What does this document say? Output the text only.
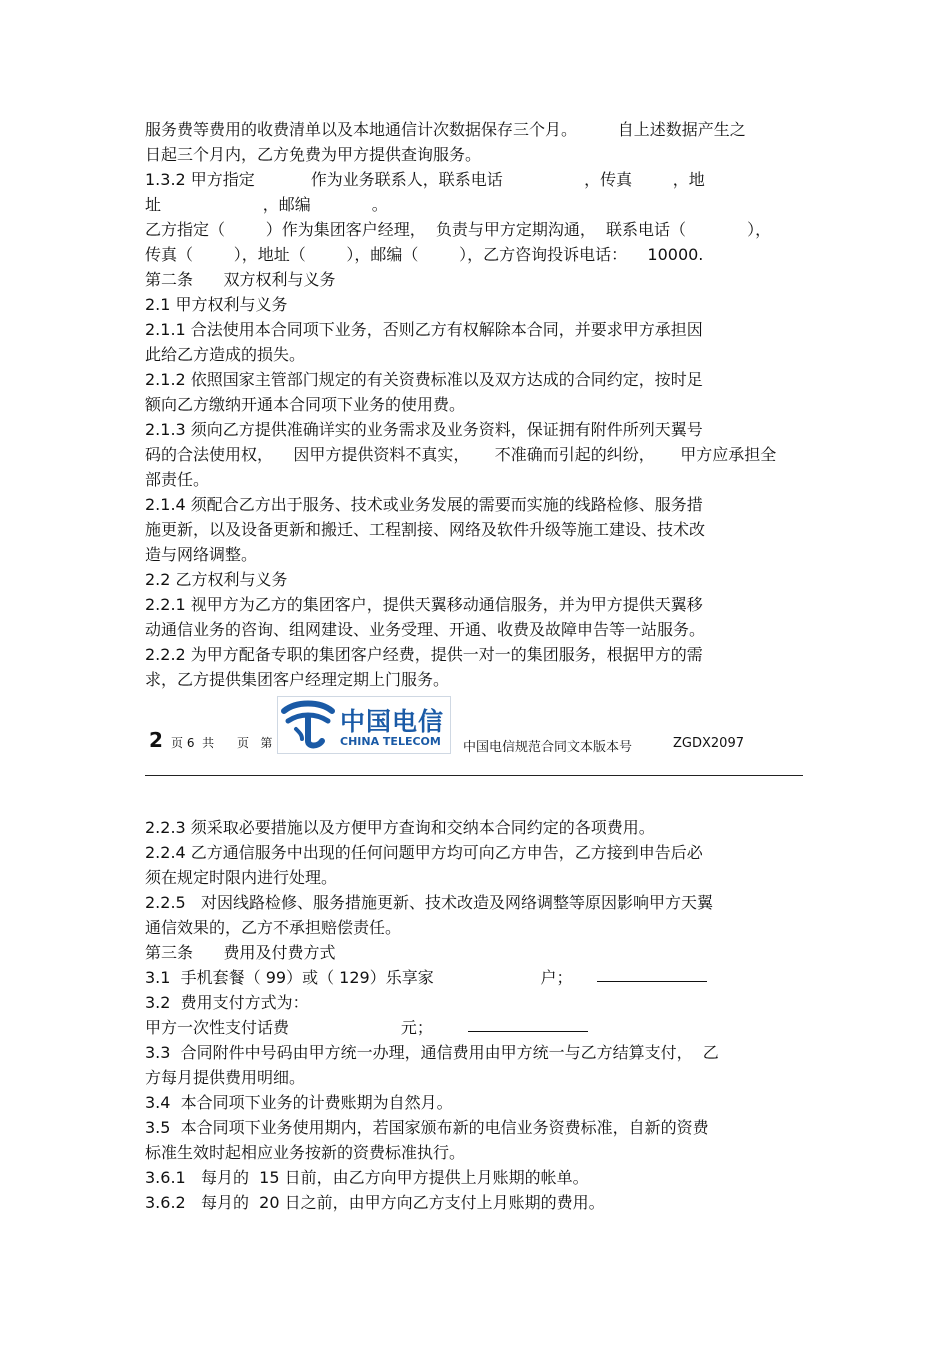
服务费等费用的收费清单以及本地通信计次数据保存三个月。        自上述数据产生之
日起三个月内，乙方免费为甲方提供查询服务。
1.3.2 甲方指定           作为业务联系人，联系电话                ，传真        ，地
址                    ，邮编            。
乙方指定（        ）作为集团客户经理，  负责与甲方定期沟通，  联系电话（            ），
传真（        ），地址（        ），邮编（        ），乙方咨询投诉电话：    10000.
第二条      双方权利与义务
2.1 甲方权利与义务
2.1.1 合法使用本合同项下业务，否则乙方有权解除本合同，并要求甲方承担因
此给乙方造成的损失。
2.1.2 依照国家主管部门规定的有关资费标准以及双方达成的合同约定，按时足
额向乙方缴纳开通本合同项下业务的使用费。
2.1.3 须向乙方提供准确详实的业务需求及业务资料，保证拥有附件所列天翼号
码的合法使用权，    因甲方提供资料不真实，     不准确而引起的纠纷，     甲方应承担全
部责任。
2.1.4 须配合乙方出于服务、技术或业务发展的需要而实施的线路检修、服务措
施更新，以及设备更新和搬迁、工程割接、网络及软件升级等施工建设、技术改
造与网络调整。
2.2 乙方权利与义务
2.2.1 视甲方为乙方的集团客户，提供天翼移动通信服务，并为甲方提供天翼移
动通信业务的咨询、组网建设、业务受理、开通、收费及故障申告等一站服务。
2.2.2 为甲方配备专职的集团客户经费，提供一对一的集团服务，根据甲方的需
求，乙方提供集团客户经理定期上门服务。
2 页 6  共      页   第
中国电信
CHINA TELECOM 中国电信规范合同文本版本号	ZGDX2097
2.2.3 须采取必要措施以及方便甲方查询和交纳本合同约定的各项费用。
2.2.4 乙方通信服务中出现的任何问题甲方均可向乙方申告，乙方接到申告后必
须在规定时限内进行处理。
2.2.5   对因线路检修、服务措施更新、技术改造及网络调整等原因影响甲方天翼
通信效果的，乙方不承担赔偿责任。
第三条      费用及付费方式
3.1  手机套餐（ 99）或（ 129）乐享家                     户；
3.2  费用支付方式为：
甲方一次性支付话费                      元；
3.3  合同附件中号码由甲方统一办理，通信费用由甲方统一与乙方结算支付，  乙
方每月提供费用明细。
3.4  本合同项下业务的计费账期为自然月。
3.5  本合同项下业务使用期内，若国家颁布新的电信业务资费标准，自新的资费
标准生效时起相应业务按新的资费标准执行。
3.6.1   每月的  15 日前，由乙方向甲方提供上月账期的帐单。
3.6.2   每月的  20 日之前，由甲方向乙方支付上月账期的费用。
